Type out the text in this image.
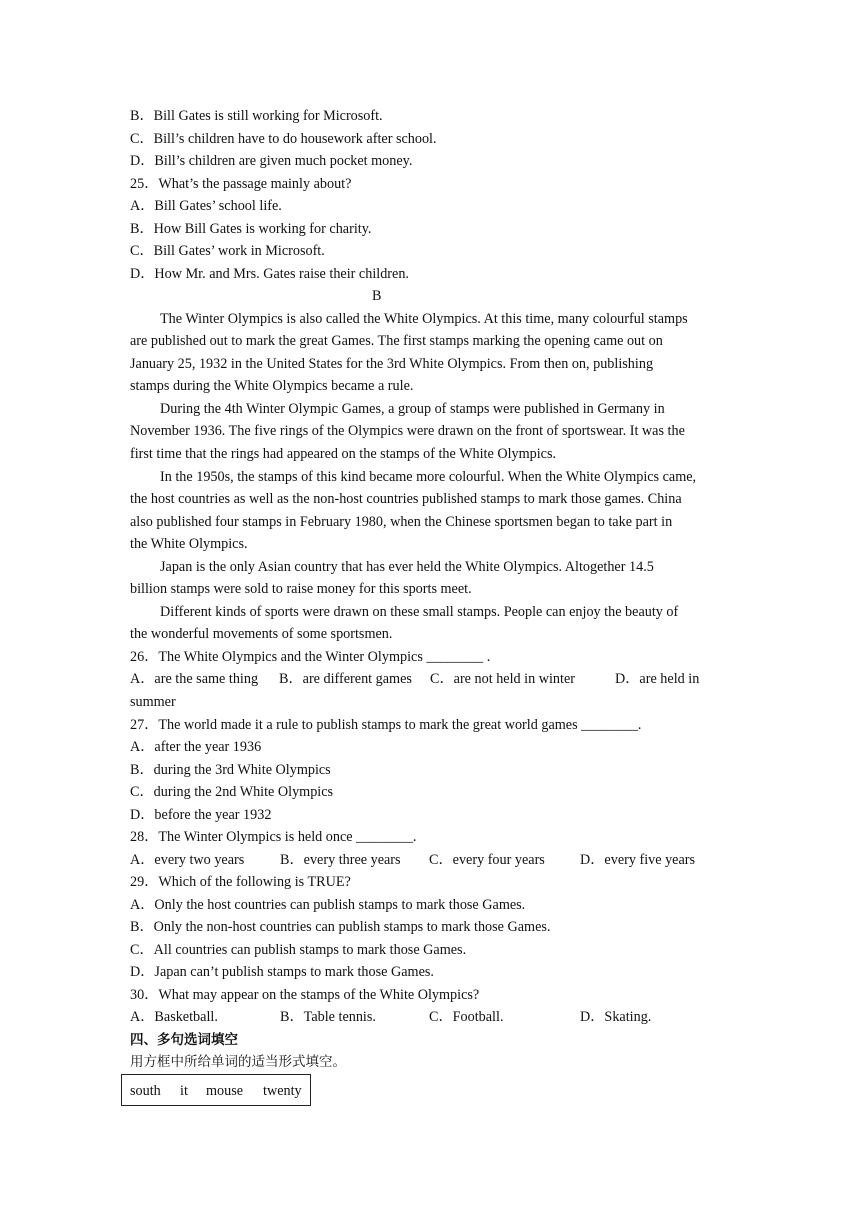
B．Bill Gates is still working for Microsoft.
C．Bill’s children have to do housework after school.
D．Bill’s children are given much pocket money.
25．What’s the passage mainly about?
A．Bill Gates’ school life.
B．How Bill Gates is working for charity.
C．Bill Gates’ work in Microsoft.
D．How Mr. and Mrs. Gates raise their children.
B
The Winter Olympics is also called the White Olympics. At this time, many colourful stamps
are published out to mark the great Games. The first stamps marking the opening came out on
January 25, 1932 in the United States for the 3rd White Olympics. From then on, publishing
stamps during the White Olympics became a rule.
During the 4th Winter Olympic Games, a group of stamps were published in Germany in
November 1936. The five rings of the Olympics were drawn on the front of sportswear. It was the
first time that the rings had appeared on the stamps of the White Olympics.
In the 1950s, the stamps of this kind became more colourful. When the White Olympics came,
the host countries as well as the non-host countries published stamps to mark those games. China
also published four stamps in February 1980, when the Chinese sportsmen began to take part in
the White Olympics.
Japan is the only Asian country that has ever held the White Olympics. Altogether 14.5
billion stamps were sold to raise money for this sports meet.
Different kinds of sports were drawn on these small stamps. People can enjoy the beauty of
the wonderful movements of some sportsmen.
26．The White Olympics and the Winter Olympics ________ .
A．are the same thing B．are different games C．are not held in winter	D．are held in
summer
27．The world made it a rule to publish stamps to mark the great world games ________.
A．after the year 1936
B．during the 3rd White Olympics
C．during the 2nd White Olympics
D．before the year 1932
28．The Winter Olympics is held once ________.
A．every two years	B．every three years C．every four years D．every five years
29．Which of the following is TRUE?
A．Only the host countries can publish stamps to mark those Games.
B．Only the non-host countries can publish stamps to mark those Games.
C．All countries can publish stamps to mark those Games.
D．Japan can’t publish stamps to mark those Games.
30．What may appear on the stamps of the White Olympics?
A．Basketball.	B．Table tennis.	C．Football.	D．Skating.
四、多句选词填空
用方框中所给单词的适当形式填空。
south it mouse twenty
